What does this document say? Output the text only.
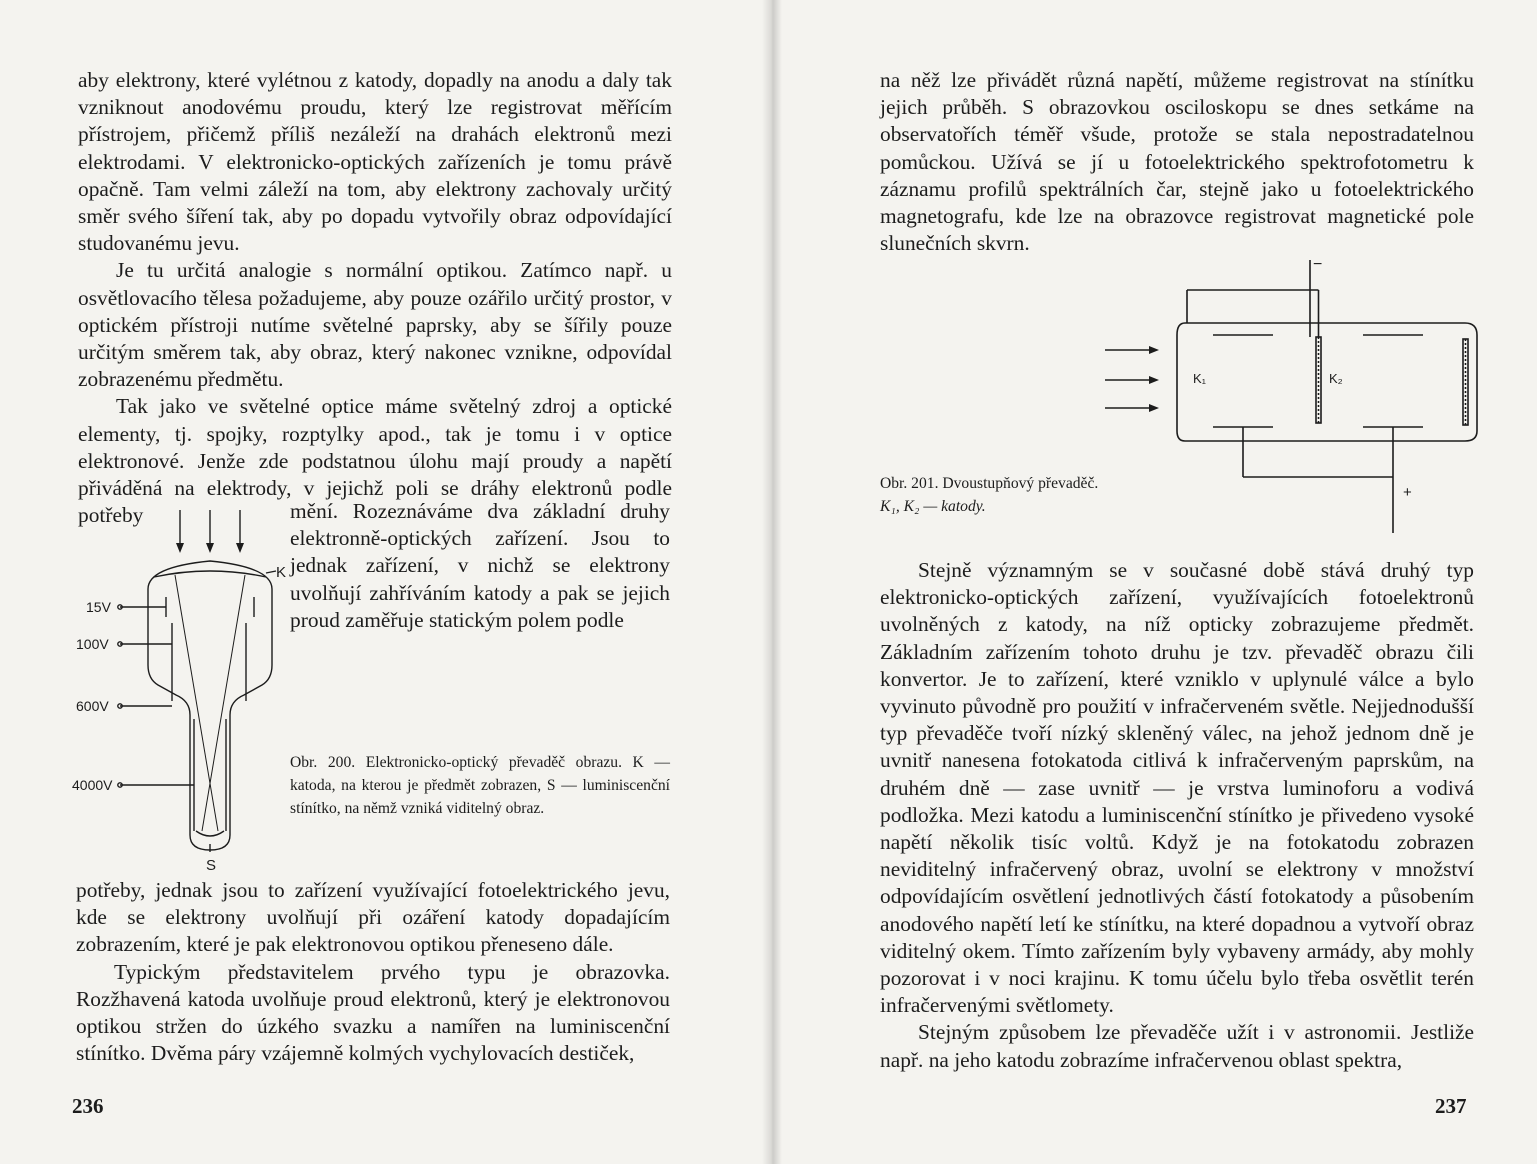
aby elektrony, které vylétnou z katody, dopadly na anodu a daly tak vzniknout anodovému proudu, který lze registrovat měřícím přístrojem, přičemž příliš nezáleží na drahách elektronů mezi elektrodami. V elektronicko-optických zařízeních je tomu právě opačně. Tam velmi záleží na tom, aby elektrony zachovaly určitý směr svého šíření tak, aby po dopadu vytvořily obraz odpovídající studovanému jevu.

Je tu určitá analogie s normální optikou. Zatímco např. u osvětlovacího tělesa požadujeme, aby pouze ozářilo určitý prostor, v optickém přístroji nutíme světelné paprsky, aby se šířily pouze určitým směrem tak, aby obraz, který nakonec vznikne, odpovídal zobrazenému předmětu.

Tak jako ve světelné optice máme světelný zdroj a optické elementy, tj. spojky, rozptylky apod., tak je tomu i v optice elektronové. Jenže zde podstatnou úlohu mají proudy a napětí přiváděná na elektrody, v jejichž poli se dráhy elektronů podle potřeby	mění. Rozeznáváme dva základní druhy elektronně-optických zařízení. Jsou to jednak zařízení, v nichž se elektrony uvolňují zahříváním katody a pak se jejich proud zaměřuje statickým polem podle

15V
100V
600V
4000V
K
S

Obr. 200. Elektronicko-optický převaděč obrazu. K — katoda, na kterou je předmět zobrazen, S — luminiscenční stínítko, na němž vzniká viditelný obraz.

potřeby, jednak jsou to zařízení využívající fotoelektrického jevu, kde se elektrony uvolňují při ozáření katody dopadajícím zobrazením, které je pak elektronovou optikou přeneseno dále.

Typickým představitelem prvého typu je obrazovka. Rozžhavená katoda uvolňuje proud elektronů, který je elektronovou optikou stržen do úzkého svazku a namířen na luminiscenční stínítko. Dvěma páry vzájemně kolmých vychylovacích destiček,

236

na něž lze přivádět různá napětí, můžeme registrovat na stínítku jejich průběh. S obrazovkou osciloskopu se dnes setkáme na observatořích téměř všude, protože se stala nepostradatelnou pomůckou. Užívá se jí u fotoelektrického spektrofotometru k záznamu profilů spektrálních čar, stejně jako u fotoelektrického magnetografu, kde lze na obrazovce registrovat magnetické pole slunečních skvrn.

−
+
K₁	K₂

Obr. 201. Dvoustupňový převaděč.

K₁, K₂ — katody.

Stejně významným se v současné době stává druhý typ elektronicko-optických zařízení, využívajících fotoelektronů uvolněných z katody, na níž opticky zobrazujeme předmět. Základním zařízením tohoto druhu je tzv. převaděč obrazu čili konvertor. Je to zařízení, které vzniklo v uplynulé válce a bylo vyvinuto původně pro použití v infračerveném světle. Nejjednodušší typ převaděče tvoří nízký skleněný válec, na jehož jednom dně je uvnitř nanesena fotokatoda citlivá k infračerveným paprskům, na druhém dně — zase uvnitř — je vrstva luminoforu a vodivá podložka. Mezi katodu a luminiscenční stínítko je přivedeno vysoké napětí několik tisíc voltů. Když je na fotokatodu zobrazen neviditelný infračervený obraz, uvolní se elektrony v množství odpovídajícím osvětlení jednotlivých částí fotokatody a působením anodového napětí letí ke stínítku, na které dopadnou a vytvoří obraz viditelný okem. Tímto zařízením byly vybaveny armády, aby mohly pozorovat i v noci krajinu. K tomu účelu bylo třeba osvětlit terén infračervenými světlomety.

Stejným způsobem lze převaděče užít i v astronomii. Jestliže např. na jeho katodu zobrazíme infračervenou oblast spektra,

237
